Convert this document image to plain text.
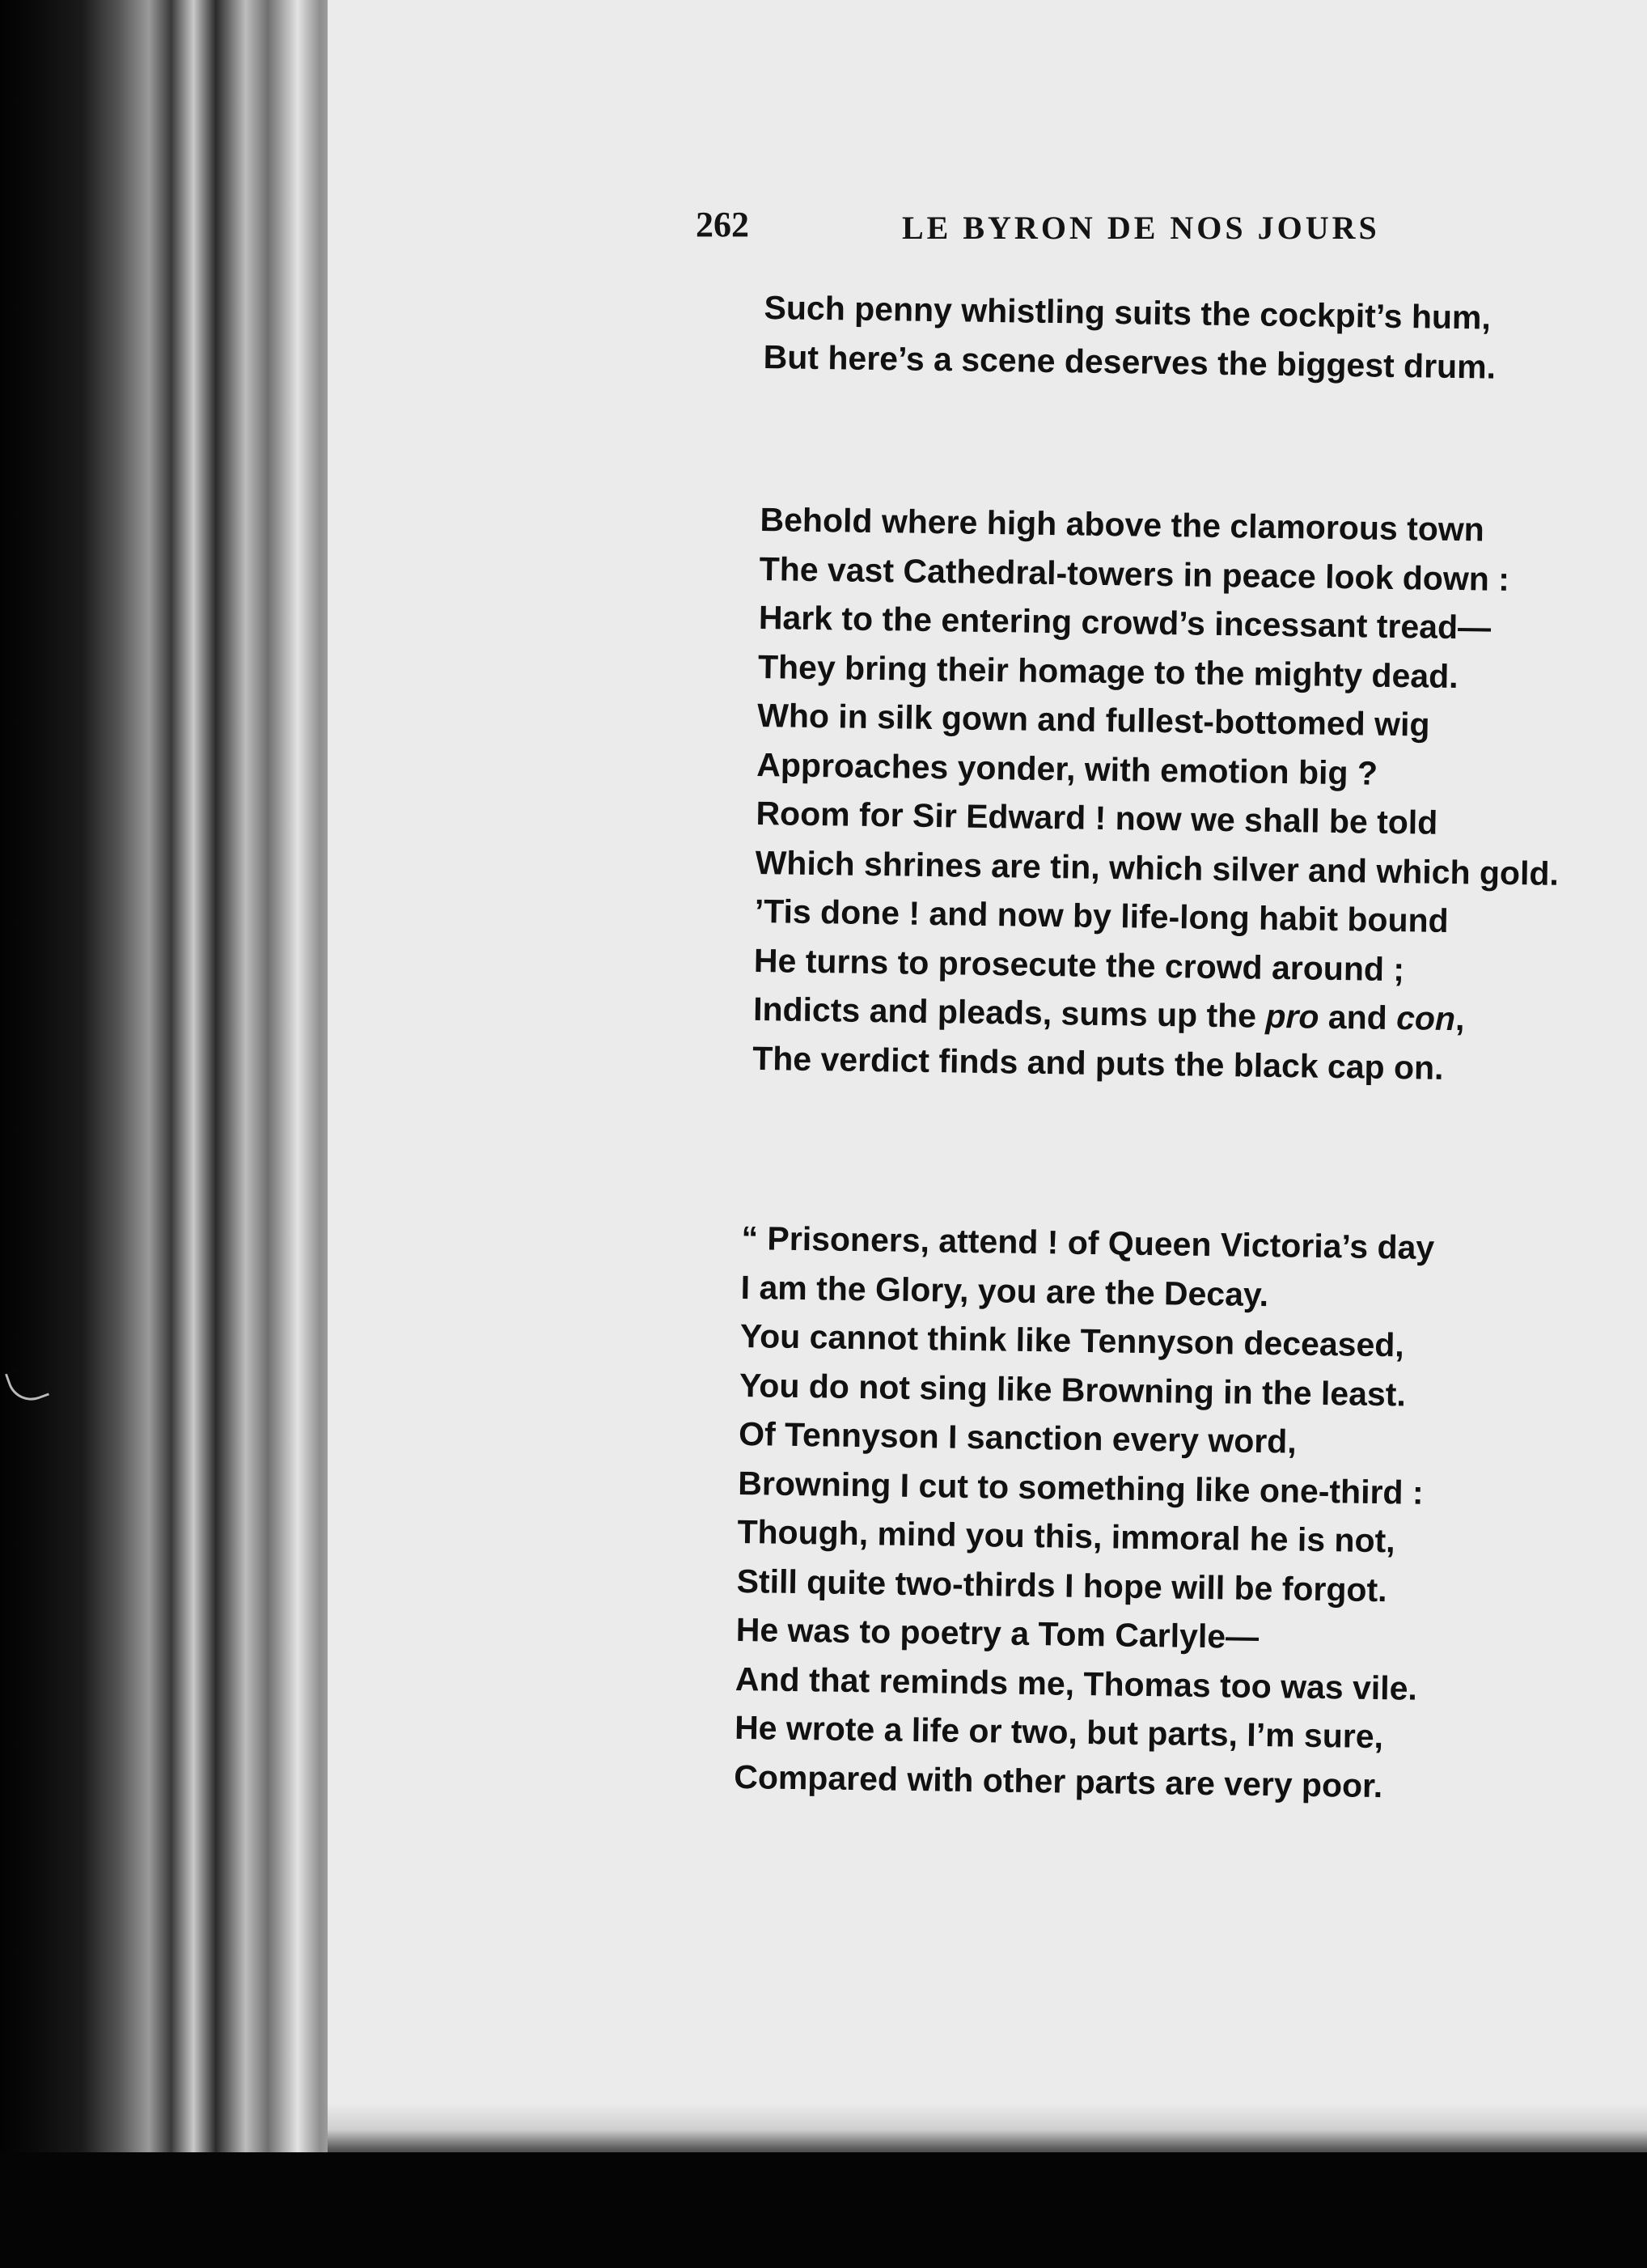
262	LE BYRON DE NOS JOURS
Such penny whistling suits the cockpit’s hum,
But here’s a scene deserves the biggest drum.
Behold where high above the clamorous town
The vast Cathedral-towers in peace look down :
Hark to the entering crowd’s incessant tread—
They bring their homage to the mighty dead.
Who in silk gown and fullest-bottomed wig
Approaches yonder, with emotion big ?
Room for Sir Edward ! now we shall be told
Which shrines are tin, which silver and which gold.
’Tis done ! and now by life-long habit bound
He turns to prosecute the crowd around ;
Indicts and pleads, sums up the pro and con,
The verdict finds and puts the black cap on.
“ Prisoners, attend ! of Queen Victoria’s day
I am the Glory, you are the Decay.
You cannot think like Tennyson deceased,
You do not sing like Browning in the least.
Of Tennyson I sanction every word,
Browning I cut to something like one-third :
Though, mind you this, immoral he is not,
Still quite two-thirds I hope will be forgot.
He was to poetry a Tom Carlyle—
And that reminds me, Thomas too was vile.
He wrote a life or two, but parts, I’m sure,
Compared with other parts are very poor.
